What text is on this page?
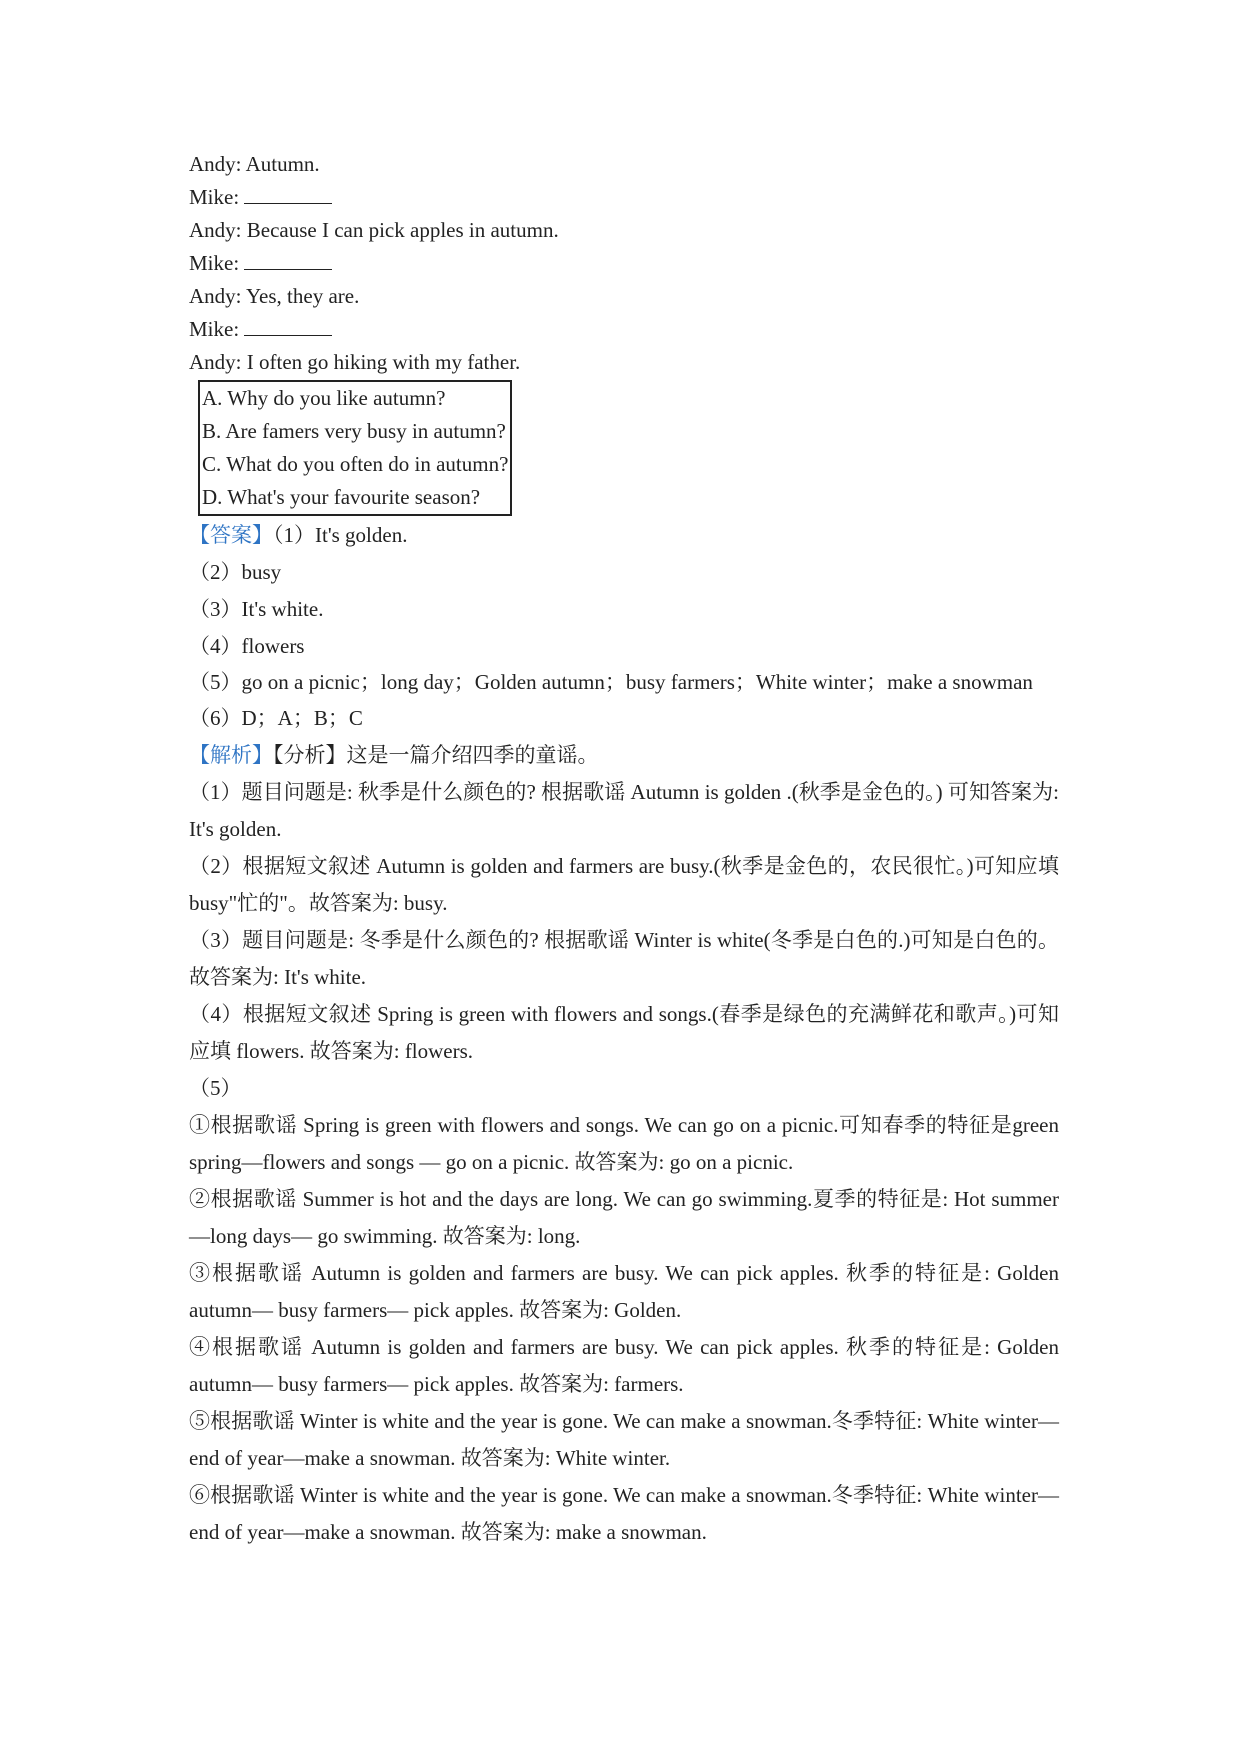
Andy: Autumn.
Mike:
Andy: Because I can pick apples in autumn.
Mike:
Andy: Yes, they are.
Mike:
Andy: I often go hiking with my father.
A. Why do you like autumn?
B. Are famers very busy in autumn?
C. What do you often do in autumn?
D. What's your favourite season?
【答案】（1）It's golden.
（2）busy
（3）It's white.
（4）flowers
（5）go on a picnic；long day；Golden autumn；busy farmers；White winter；make a snowman
（6）D；A；B；C
【解析】【分析】这是一篇介绍四季的童谣。
（1）题目问题是: 秋季是什么颜色的? 根据歌谣 Autumn is golden .(秋季是金色的。) 可知答案为: It's golden.
（2）根据短文叙述 Autumn is golden and farmers are busy.(秋季是金色的，农民很忙。)可知应填 busy"忙的"。故答案为: busy.
（3）题目问题是: 冬季是什么颜色的? 根据歌谣 Winter is white(冬季是白色的.)可知是白色的。故答案为: It's white.
（4）根据短文叙述 Spring is green with flowers and songs.(春季是绿色的充满鲜花和歌声。)可知应填 flowers. 故答案为: flowers.
（5）
①根据歌谣 Spring is green with flowers and songs. We can go on a picnic.可知春季的特征是green spring—flowers and songs — go on a picnic. 故答案为: go on a picnic.
②根据歌谣 Summer is hot and the days are long. We can go swimming.夏季的特征是: Hot summer—long days— go swimming. 故答案为: long.
③根据歌谣 Autumn is golden and farmers are busy. We can pick apples. 秋季的特征是: Golden autumn— busy farmers— pick apples. 故答案为: Golden.
④根据歌谣 Autumn is golden and farmers are busy. We can pick apples. 秋季的特征是: Golden autumn— busy farmers— pick apples. 故答案为: farmers.
⑤根据歌谣 Winter is white and the year is gone. We can make a snowman.冬季特征: White winter—end of year—make a snowman. 故答案为: White winter.
⑥根据歌谣 Winter is white and the year is gone. We can make a snowman.冬季特征: White winter—end of year—make a snowman. 故答案为: make a snowman.
